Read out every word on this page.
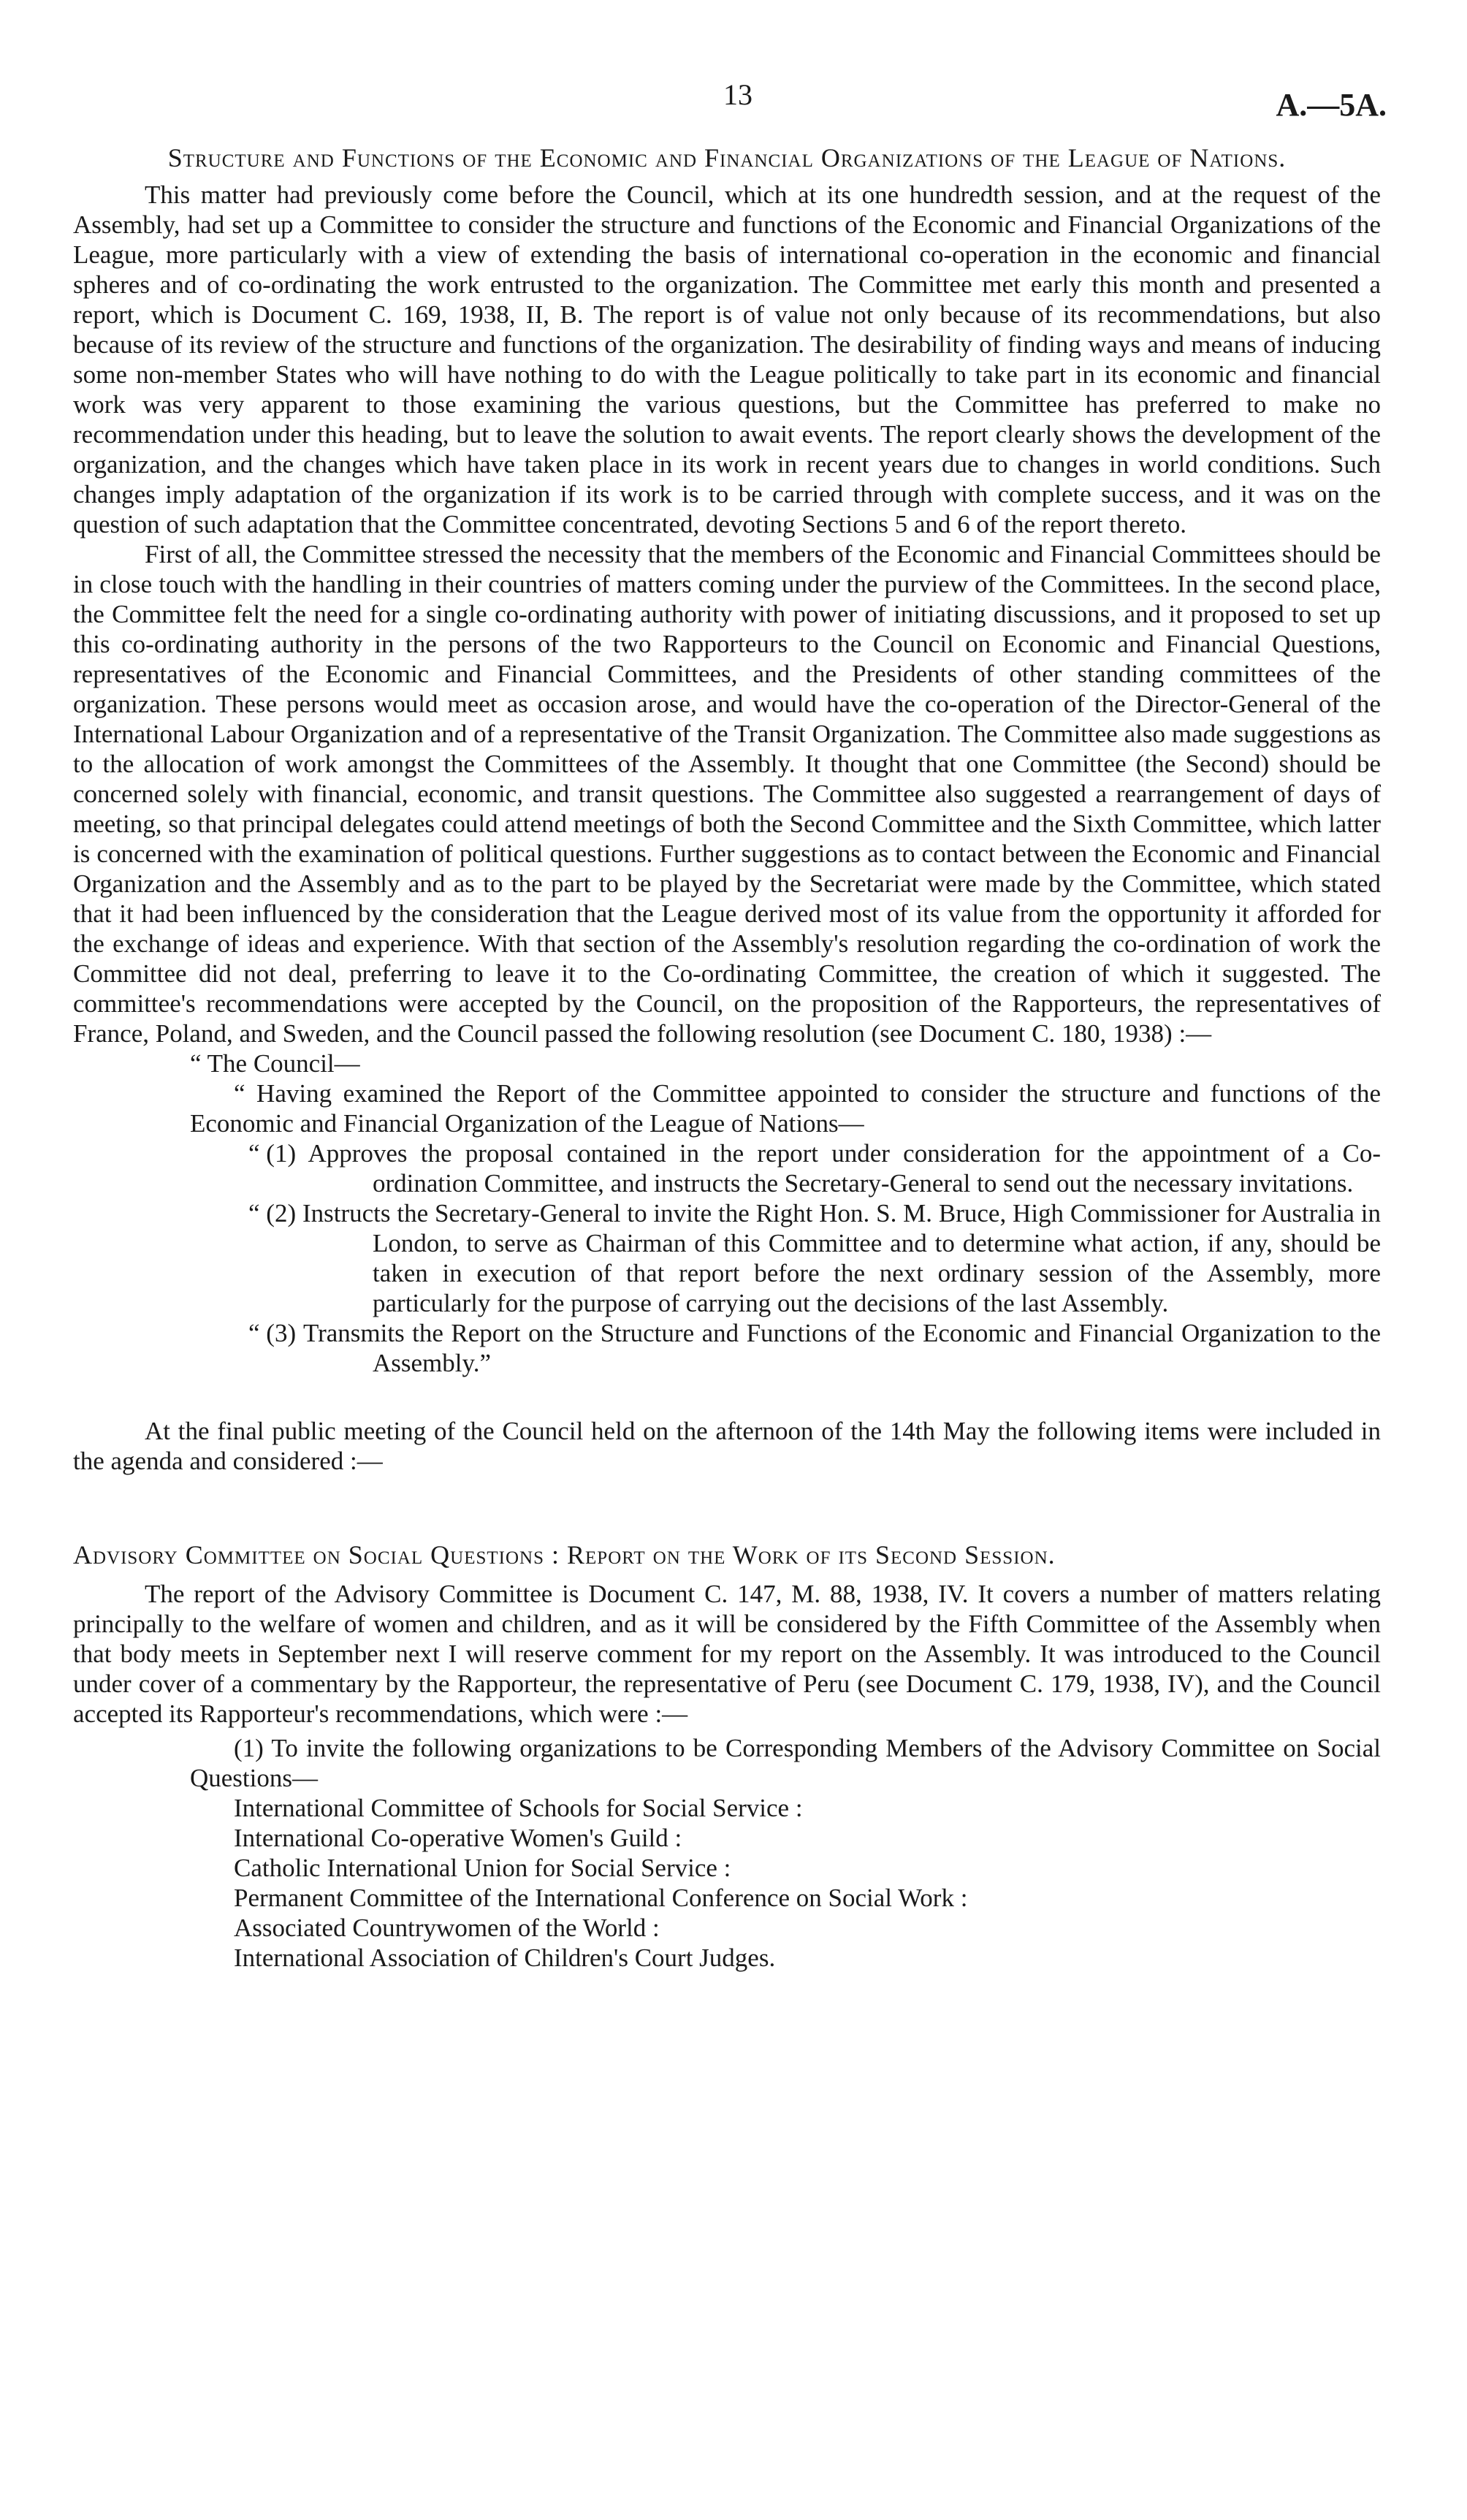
13	A.—5A.
Structure and Functions of the Economic and Financial Organizations of the League of Nations.

This matter had previously come before the Council, which at its one hundredth session, and at the request of the Assembly, had set up a Committee to consider the structure and functions of the Economic and Financial Organizations of the League, more particularly with a view of extending the basis of international co-operation in the economic and financial spheres and of co-ordinating the work entrusted to the organization. The Committee met early this month and presented a report, which is Document C. 169, 1938, II, B. The report is of value not only because of its recommendations, but also because of its review of the structure and functions of the organization. The desirability of finding ways and means of inducing some non-member States who will have nothing to do with the League politically to take part in its economic and financial work was very apparent to those examining the various questions, but the Committee has preferred to make no recommendation under this heading, but to leave the solution to await events. The report clearly shows the development of the organization, and the changes which have taken place in its work in recent years due to changes in world conditions. Such changes imply adaptation of the organization if its work is to be carried through with complete success, and it was on the question of such adaptation that the Committee concentrated, devoting Sections 5 and 6 of the report thereto.

First of all, the Committee stressed the necessity that the members of the Economic and Financial Committees should be in close touch with the handling in their countries of matters coming under the purview of the Committees. In the second place, the Committee felt the need for a single co-ordinating authority with power of initiating discussions, and it proposed to set up this co-ordinating authority in the persons of the two Rapporteurs to the Council on Economic and Financial Questions, representatives of the Economic and Financial Committees, and the Presidents of other standing committees of the organization. These persons would meet as occasion arose, and would have the co-operation of the Director-General of the International Labour Organization and of a representative of the Transit Organization. The Committee also made suggestions as to the allocation of work amongst the Committees of the Assembly. It thought that one Committee (the Second) should be concerned solely with financial, economic, and transit questions. The Committee also suggested a rearrangement of days of meeting, so that principal delegates could attend meetings of both the Second Committee and the Sixth Committee, which latter is concerned with the examination of political questions. Further suggestions as to contact between the Economic and Financial Organization and the Assembly and as to the part to be played by the Secretariat were made by the Committee, which stated that it had been influenced by the consideration that the League derived most of its value from the opportunity it afforded for the exchange of ideas and experience. With that section of the Assembly's resolution regarding the co-ordination of work the Committee did not deal, preferring to leave it to the Co-ordinating Committee, the creation of which it suggested. The committee's recommendations were accepted by the Council, on the proposition of the Rapporteurs, the representatives of France, Poland, and Sweden, and the Council passed the following resolution (see Document C. 180, 1938) :—

“ The Council—

“ Having examined the Report of the Committee appointed to consider the structure and functions of the Economic and Financial Organization of the League of Nations—

“ (1) Approves the proposal contained in the report under consideration for the appointment of a Co-ordination Committee, and instructs the Secretary-General to send out the necessary invitations.

“ (2) Instructs the Secretary-General to invite the Right Hon. S. M. Bruce, High Commissioner for Australia in London, to serve as Chairman of this Committee and to determine what action, if any, should be taken in execution of that report before the next ordinary session of the Assembly, more particularly for the purpose of carrying out the decisions of the last Assembly.

“ (3) Transmits the Report on the Structure and Functions of the Economic and Financial Organization to the Assembly.”

At the final public meeting of the Council held on the afternoon of the 14th May the following items were included in the agenda and considered :—

Advisory Committee on Social Questions : Report on the Work of its Second Session.

The report of the Advisory Committee is Document C. 147, M. 88, 1938, IV. It covers a number of matters relating principally to the welfare of women and children, and as it will be considered by the Fifth Committee of the Assembly when that body meets in September next I will reserve comment for my report on the Assembly. It was introduced to the Council under cover of a commentary by the Rapporteur, the representative of Peru (see Document C. 179, 1938, IV), and the Council accepted its Rapporteur's recommendations, which were :—

(1) To invite the following organizations to be Corresponding Members of the Advisory Committee on Social Questions—

International Committee of Schools for Social Service :
International Co-operative Women's Guild :
Catholic International Union for Social Service :
Permanent Committee of the International Conference on Social Work :
Associated Countrywomen of the World :
International Association of Children's Court Judges.
